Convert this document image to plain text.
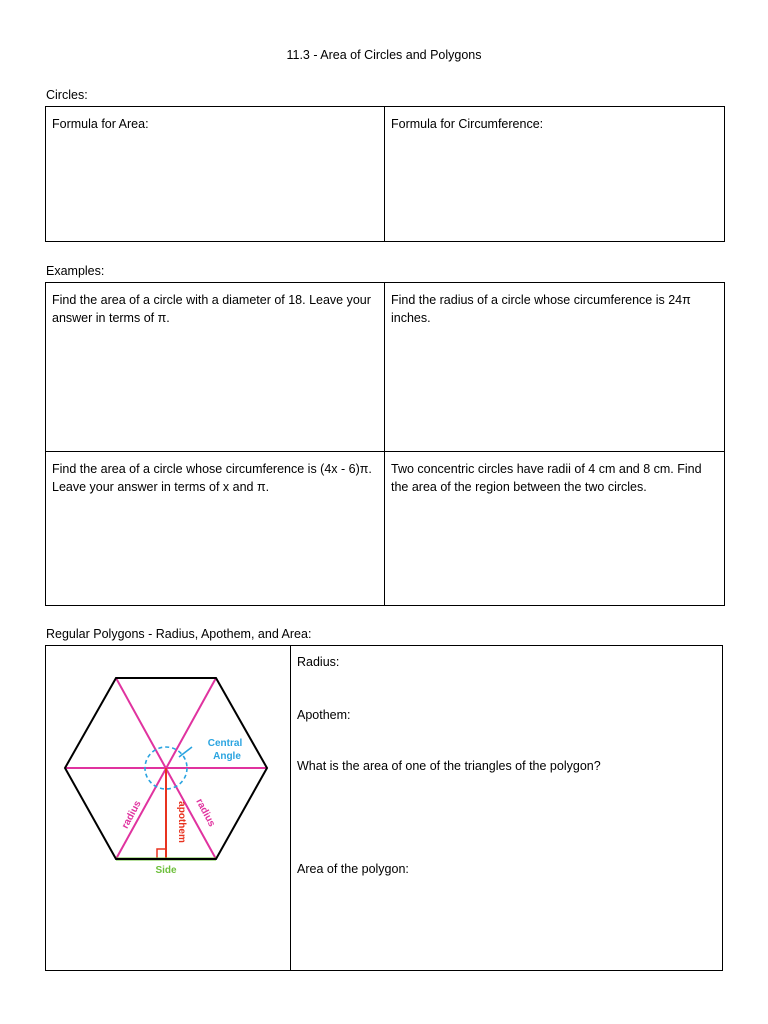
11.3 - Area of Circles and Polygons
Circles:
Formula for Area:	Formula for Circumference:
Examples:
Find the area of a circle with a diameter of 18. Leave your answer in terms of π.	Find the radius of a circle whose circumference is 24π inches.
Find the area of a circle whose circumference is (4x - 6)π. Leave your answer in terms of x and π.	Two concentric circles have radii of 4 cm and 8 cm. Find the area of the region between the two circles.
Regular Polygons - Radius, Apothem, and Area:
Central
Angle
radius	radius
apothem
Side
Radius:
Apothem:
What is the area of one of the triangles of the polygon?
Area of the polygon:
